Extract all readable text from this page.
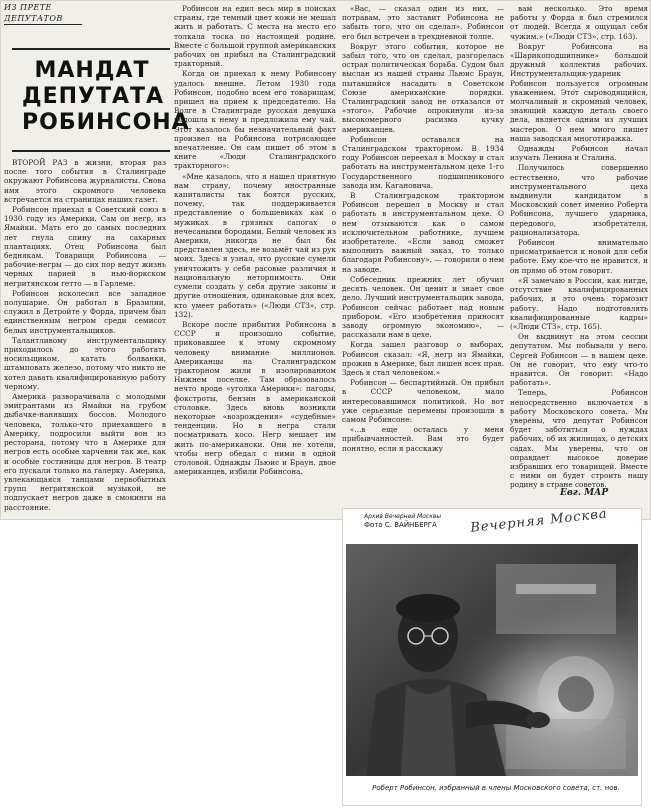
ИЗ ПРЕТЕ
ДЕПУТАТОВ
МАНДАТ
ДЕПУТАТА
РОБИНСОНА

ВТОРОЙ РАЗ в жизни, вторая раз после того события в Сталинграде окружают Робинсона журналисты. Снова имя этого скромного человека встречается на страницах наших газет.

Робинсон приехал в Советский союз в 1930 году из Америки. Сам он негр, из Ямайки. Мать его до самых последних лет гнула спину на сахарных плантациях. Отец Робинсона был беднякам. Товарищи Робинсона — рабочие-негры — до сих пор ведут жизнь черных парией в нью-йоркском негритянском гетто — в Гарлеме.

Робинсон исколесил все западное полушарие. Он работал в Бразилии, служил в Детройте у Форда, причем был единственным негром среди семисот белых инструментальщиков.

Талантливому инструментальщику приходилось до этого работать носильщиком, катать болванки, штамповать железо, потому что никто не хотел давать квалифицированную работу черному.

Америка разворачивала с молодыми эмигрантами из Ямайки на грубом дыбачке-нанявших боссов. Молодого человека, только-что приехавшего в Америку, подросили выйти вон из ресторана, потому что в Америке для негров есть особые харчевни так же, как и особые гостиницы для негров. В театр его пускали только на галерку. Америка, увлекающаяся танцами первобытных групп негритянской музыкой, не подпускает негров даже в смокинги на расстояние.

Робинсон на едил весь мир в поисках страны, где темный цвет кожи не мешал жить и работать. С места на место его толкала тоска по настоящей родине. Вместе с большой группой американских рабочих он прибыл на Сталинградский тракторный.

Когда он приехал к нему Робинсону удалось внешне. Летом 1930 года Робинсон, подобно всем его товарищам, пришел на прием к председателю. На Волге в Сталинграде русская девушка подошла к нему и предложила ему чай. Этот казалось бы незначительный факт произвел на Робинсона потрясающее впечатление. Он сам пишет об этом в книге «Люди Сталинградского тракторного»:

«Мне казалось, что я нашел приятную нам страну, почему иностранные капиталисты так боятся русских, почему, так поддерживается представление о большевиках как о мужиках в грязных сапогах о нечесаными бородами. Белый человек из Америки, никогда не был бы представлен здесь, не возьмёт чай из рук моих. Здесь я узнал, что русские сумели уничтожить у себя расовые различия и национальную неторпимость. Они сумели создать у себя другие законы и другие отношения, одинаковые для всех, кто умеет работать» («Люди СТЗ», стр. 132).

Вскоре после прибытия Робинсона в СССР и произошло событие, приковавшее к этому скромному человеку внимание миллионов. Американцы на Сталинградском тракторном жили в изолированном Нижнем поселке. Там образовалось нечто вроде «уголка Америки»: пагоды, фокстроты, бензин в американской столовке. Здесь вновь возникли некоторые «возрождения» «судебные» тенденции. Но в негра стали посматривать косо. Негр мешает им жить по-американски. Они не хотели, чтобы негр обедал с ними в одной столовой. Однажды Льюис и Браун, двое американцев, избили Робинсона.

«Вас, — сказал один из них, — потравам, это заставит Робинсона не забыть того, что он сделал». Робинсон его был встречен в трехдневной толпе.

Вокруг этого события, которое не забыл того, что он сделал, разгорелась острая политическая борьба. Судом был выслан из нашей страны Льюис Браун, пытавшийся насадить в Советском Союзе американские порядки. Сталинградский завод не отказался от «этого». Рабочие опрокинули из-за высокомерного расизма кучку американцев.

Робинсон оставался на Сталинградском тракторном. В 1934 году Робинсон переехал в Москву и стал работать на инструментальном цехе 1-го Государственного подшипникового завода им. Кагановича.

В Сталинградском тракторном Робинсон перешел в Москву и стал работать в инструментальном цехе. О нем отзываются как о самом исключительном работнике, лучшем изобретателе. «Если завод сможет выполнить важный заказ, то только благодаря Робинсону», — говорили о нем на заводе.

Собеседник прежних лет обучил десять человек. Он ценит и знает свое дело. Лучший инструментальщик завода, Робинсон сейчас работает над новым прибором. «Его изобретения приносят заводу огромную экономию», — рассказали нам в цехе.

Когда зашел разговор о выборах, Робинсон сказал: «Я, негр из Ямайки, прожив в Америке, был лишен всех прав. Здесь я стал человеком.»

Робинсон — беспартийный. Он прибыл в СССР человеком, мало интересовавшимся политикой. Но вот уже серьезные перемены произошли в самом Робинсоне:

«...в еще осталась у меня прибывчанностей. Вам это будет понятно, если я расскажу

вам несколько. Это время работы у Форда я был стремился от людей. Всегда я ощущал себя чужим.» («Люди СТЗ», стр. 163).

Вокруг Робинсона на «Шарикоподшипнике» большой дружный коллектив рабочих. Инструментальщик-ударник Робинсон пользуется огромным уважением. Этот сыроводящийся, молчаливый и скромный человек, знающий каждую деталь своего дела, является одним из лучших мастеров. О нем много пишет наша заводская многотиражка.

Однажды Робинсон начал изучать Ленина и Сталина.

Получилось совершенно естественно, что рабочие инструментального цеха выдвинули кандидатом в Московский совет именно Роберта Робинсона, лучшего ударника, передового, изобретателя, рационализатора.

Робинсон внимательно присматривается к новой для себя работе. Ему кое-что не нравится, и он прямо об этом говорит.

«Я замечаю в России, как нигде, отсутствие квалифицированных рабочих, и это очень тормозит работу. Надо подготовлять квалифицированные кадры» («Люди СТЗ», стр. 165).

Он выдвинут на этом сессии депутатом. Мы побывали у него. Сергей Робинсон — в нашем цехе. Он не говорит, что ему что-то нравится. Он говорит: «Надо работать».

Теперь, Робинсон непосредственно включается в работу Московского совета. Мы уверены, что депутат Робинсон будет заботиться о нуждах рабочих, об их жилищах, о детских садах. Мы уверены, что он оправдает высокое доверие избравших его товарищей. Вместе с ними он будет строить нашу родину в стране советов.

Евг. МАР
Архив Вечерней Москвы
Фото С. ВАЙНБЕРГА	Вечерняя Москва
Роберт Робинсон, избранный в члены Московского совета, ст. нов.
